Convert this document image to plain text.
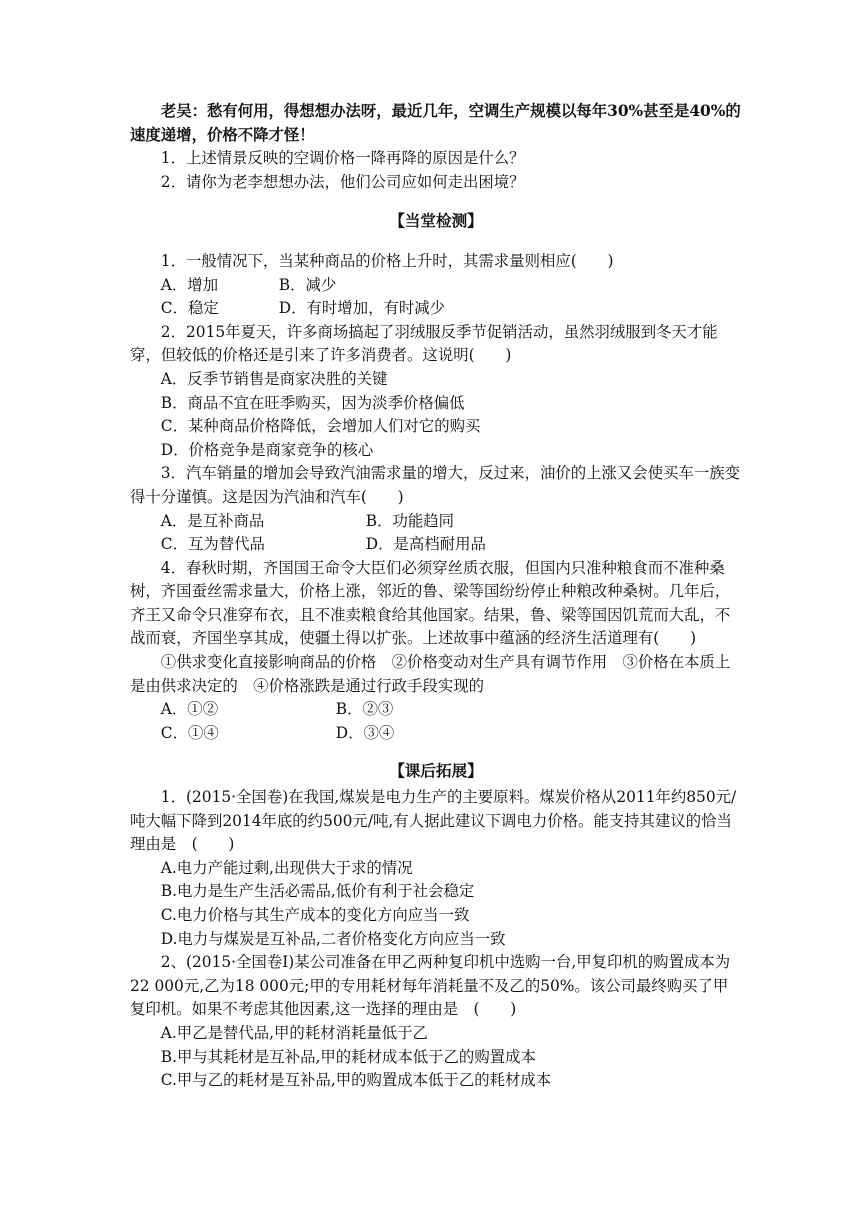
老吴：愁有何用，得想想办法呀，最近几年，空调生产规模以每年30%甚至是40%的速度递增，价格不降才怪！

1．上述情景反映的空调价格一降再降的原因是什么？

2．请你为老李想想办法，他们公司应如何走出困境？

【当堂检测】

1．一般情况下，当某种商品的价格上升时，其需求量则相应(　　)

A．增加	B．减少
C．稳定	D．有时增加，有时减少

2．2015年夏天，许多商场搞起了羽绒服反季节促销活动，虽然羽绒服到冬天才能穿，但较低的价格还是引来了许多消费者。这说明(　　)

A．反季节销售是商家决胜的关键

B．商品不宜在旺季购买，因为淡季价格偏低

C．某种商品价格降低，会增加人们对它的购买

D．价格竞争是商家竞争的核心

3．汽车销量的增加会导致汽油需求量的增大，反过来，油价的上涨又会使买车一族变得十分谨慎。这是因为汽油和汽车(　　)

A．是互补商品	B．功能趋同
C．互为替代品	D．是高档耐用品

4．春秋时期，齐国国王命令大臣们必须穿丝质衣服，但国内只准种粮食而不准种桑树，齐国蚕丝需求量大，价格上涨，邻近的鲁、梁等国纷纷停止种粮改种桑树。几年后，齐王又命令只准穿布衣，且不准卖粮食给其他国家。结果，鲁、梁等国因饥荒而大乱，不战而衰，齐国坐享其成，使疆土得以扩张。上述故事中蕴涵的经济生活道理有(　　)

①供求变化直接影响商品的价格　②价格变动对生产具有调节作用　③价格在本质上是由供求决定的　④价格涨跌是通过行政手段实现的

A．①②	B．②③
C．①④	D．③④

【课后拓展】

1．(2015·全国卷)在我国,煤炭是电力生产的主要原料。煤炭价格从2011年约850元/吨大幅下降到2014年底的约500元/吨,有人据此建议下调电力价格。能支持其建议的恰当理由是　(　　)

A.电力产能过剩,出现供大于求的情况

B.电力是生产生活必需品,低价有利于社会稳定

C.电力价格与其生产成本的变化方向应当一致

D.电力与煤炭是互补品,二者价格变化方向应当一致

2、(2015·全国卷Ⅰ)某公司准备在甲乙两种复印机中选购一台,甲复印机的购置成本为22 000元,乙为18 000元;甲的专用耗材每年消耗量不及乙的50%。该公司最终购买了甲复印机。如果不考虑其他因素,这一选择的理由是　(　　)

A.甲乙是替代品,甲的耗材消耗量低于乙

B.甲与其耗材是互补品,甲的耗材成本低于乙的购置成本

C.甲与乙的耗材是互补品,甲的购置成本低于乙的耗材成本
